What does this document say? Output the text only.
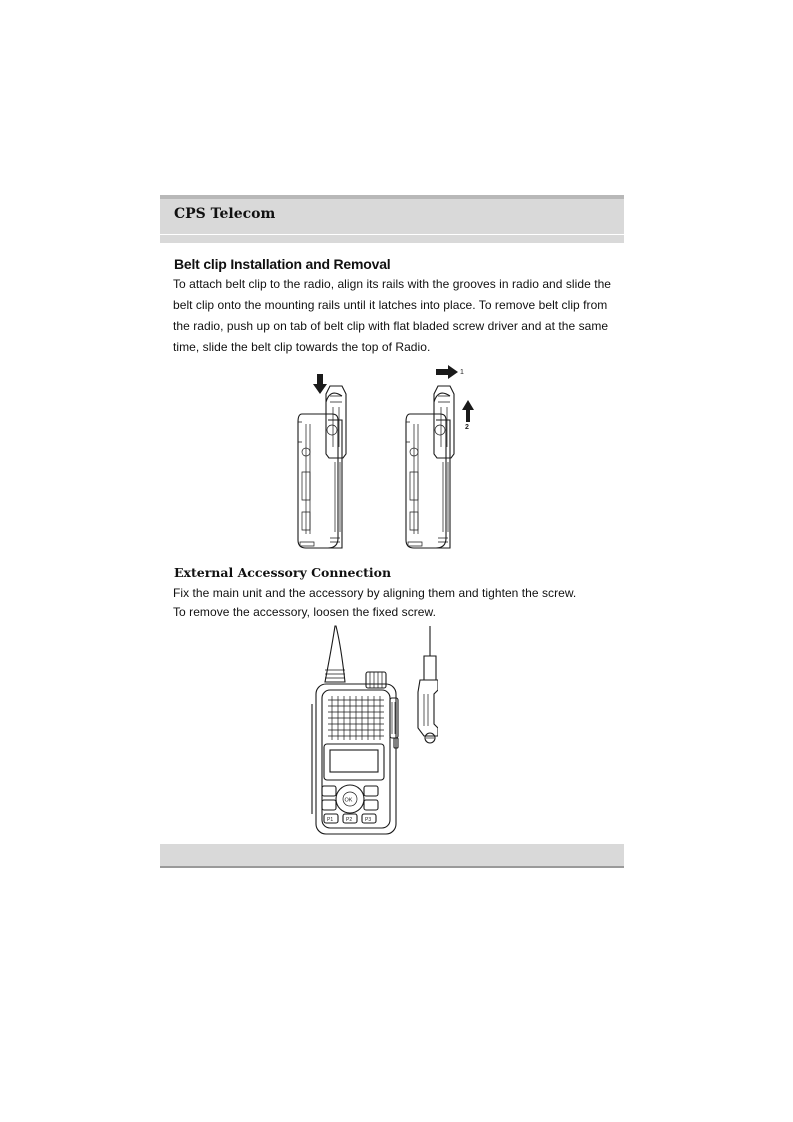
CPS Telecom
Belt clip Installation and Removal
To attach belt clip to the radio, align its rails with the grooves in radio and slide the
belt clip onto the mounting rails until it latches into place. To remove belt clip from
the radio, push up on tab of belt clip with flat bladed screw driver and at the same
time, slide the belt clip towards the top of Radio.
1
2
External Accessory Connection
Fix the main unit and the accessory by aligning them and tighten the screw.
To remove the accessory, loosen the fixed screw.
OK
P1	P2	P3
